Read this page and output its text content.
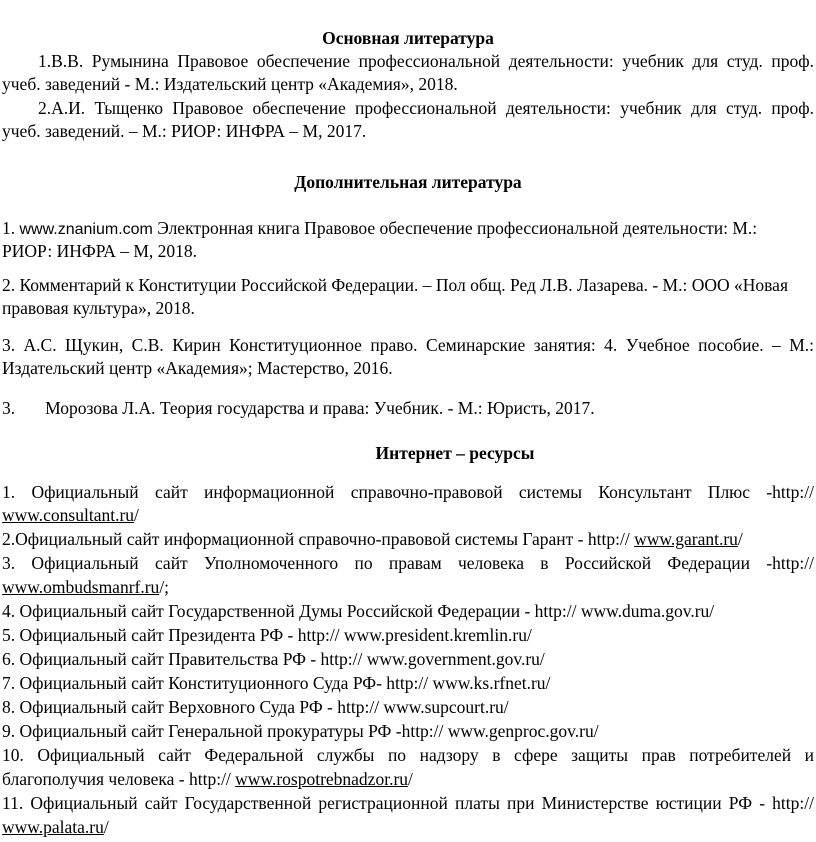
Основная литература
1.В.В. Румынина Правовое обеспечение профессиональной деятельности: учебник для студ. проф.
учеб. заведений - М.: Издательский центр «Академия», 2018.
2.А.И. Тыщенко Правовое обеспечение профессиональной деятельности: учебник для студ. проф.
учеб. заведений. – М.: РИОР: ИНФРА – М, 2017.
Дополнительная литература
1. www.znanium.com Электронная книга Правовое обеспечение профессиональной деятельности: М.:
РИОР: ИНФРА – М, 2018.
2. Комментарий к Конституции Российской Федерации. – Пол общ. Ред Л.В. Лазарева. - М.: ООО «Новая
правовая культура», 2018.
3. А.С. Щукин, С.В. Кирин Конституционное право. Семинарские занятия: 4. Учебное пособие. – М.:
Издательский центр «Академия»; Мастерство, 2016.
3. Морозова Л.А. Теория государства и права: Учебник. - М.: Юристь, 2017.
Интернет – ресурсы
1. Официальный сайт информационной справочно-правовой системы Консультант Плюс -http://
www.consultant.ru/
2.Официальный сайт информационной справочно-правовой системы Гарант - http:// www.garant.ru/
3. Официальный сайт Уполномоченного по правам человека в Российской Федерации -http://
www.ombudsmanrf.ru/;
4. Официальный сайт Государственной Думы Российской Федерации - http:// www.duma.gov.ru/
5. Официальный сайт Президента РФ - http:// www.president.kremlin.ru/
6. Официальный сайт Правительства РФ - http:// www.government.gov.ru/
7. Официальный сайт Конституционного Суда РФ- http:// www.ks.rfnet.ru/
8. Официальный сайт Верховного Суда РФ - http:// www.supcourt.ru/
9. Официальный сайт Генеральной прокуратуры РФ -http:// www.genproc.gov.ru/
10. Официальный сайт Федеральной службы по надзору в сфере защиты прав потребителей и
благополучия человека - http:// www.rospotrebnadzor.ru/
11. Официальный сайт Государственной регистрационной платы при Министерстве юстиции РФ - http://
www.palata.ru/
